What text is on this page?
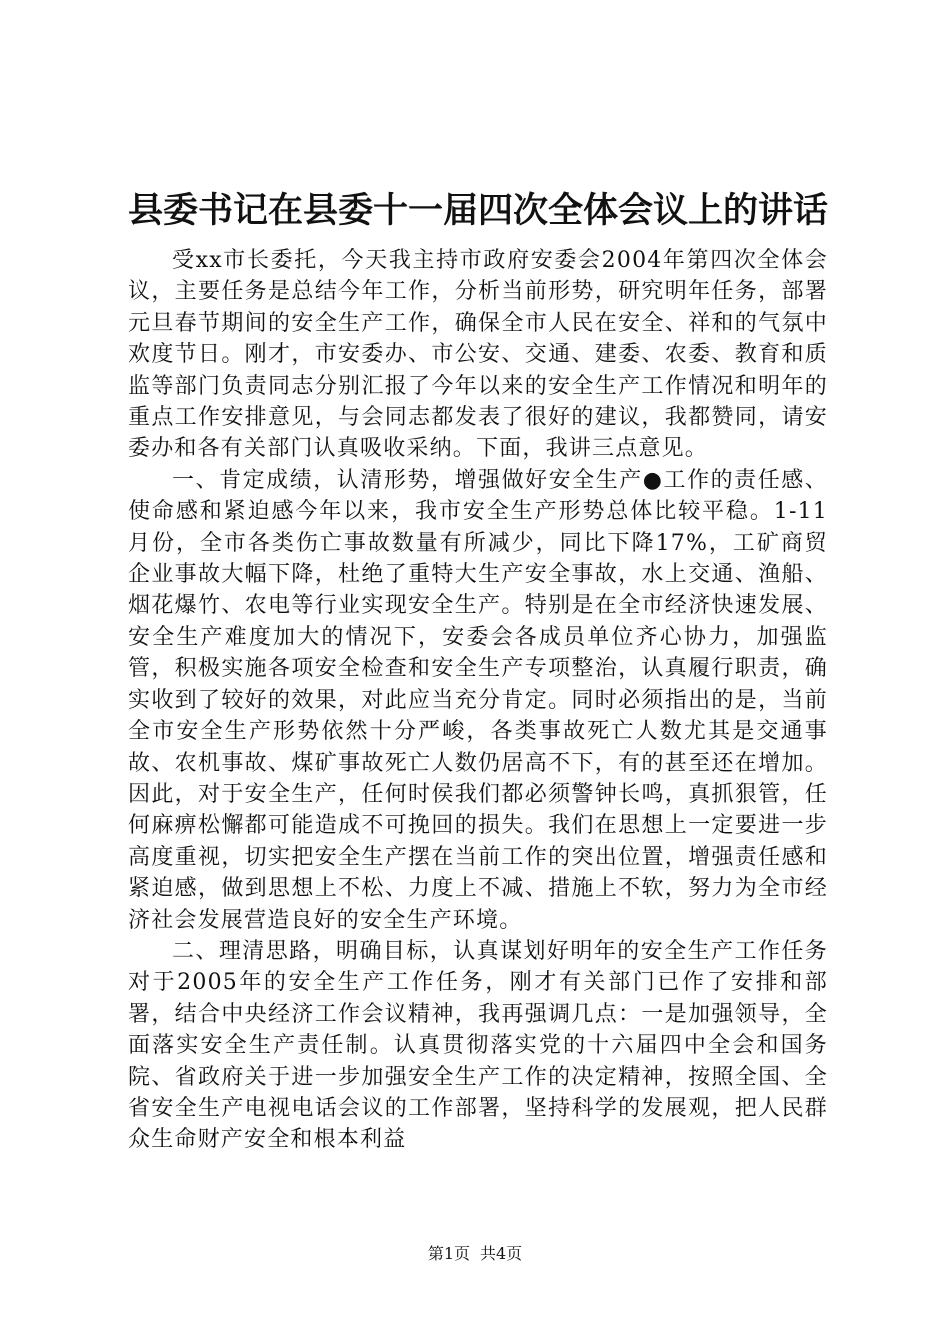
县委书记在县委十一届四次全体会议上的讲话

受xx市长委托，今天我主持市政府安委会2004年第四次全体会议，主要任务是总结今年工作，分析当前形势，研究明年任务，部署元旦春节期间的安全生产工作，确保全市人民在安全、祥和的气氛中欢度节日。刚才，市安委办、市公安、交通、建委、农委、教育和质监等部门负责同志分别汇报了今年以来的安全生产工作情况和明年的重点工作安排意见，与会同志都发表了很好的建议，我都赞同，请安委办和各有关部门认真吸收采纳。下面，我讲三点意见。

一、肯定成绩，认清形势，增强做好安全生产●工作的责任感、使命感和紧迫感今年以来，我市安全生产形势总体比较平稳。1-11月份，全市各类伤亡事故数量有所减少，同比下降17%，工矿商贸企业事故大幅下降，杜绝了重特大生产安全事故，水上交通、渔船、烟花爆竹、农电等行业实现安全生产。特别是在全市经济快速发展、安全生产难度加大的情况下，安委会各成员单位齐心协力，加强监管，积极实施各项安全检查和安全生产专项整治，认真履行职责，确实收到了较好的效果，对此应当充分肯定。同时必须指出的是，当前全市安全生产形势依然十分严峻，各类事故死亡人数尤其是交通事故、农机事故、煤矿事故死亡人数仍居高不下，有的甚至还在增加。因此，对于安全生产，任何时侯我们都必须警钟长鸣，真抓狠管，任何麻痹松懈都可能造成不可挽回的损失。我们在思想上一定要进一步高度重视，切实把安全生产摆在当前工作的突出位置，增强责任感和紧迫感，做到思想上不松、力度上不减、措施上不软，努力为全市经济社会发展营造良好的安全生产环境。

二、理清思路，明确目标，认真谋划好明年的安全生产工作任务对于2005年的安全生产工作任务，刚才有关部门已作了安排和部署，结合中央经济工作会议精神，我再强调几点：一是加强领导，全面落实安全生产责任制。认真贯彻落实党的十六届四中全会和国务院、省政府关于进一步加强安全生产工作的决定精神，按照全国、全省安全生产电视电话会议的工作部署，坚持科学的发展观，把人民群众生命财产安全和根本利益

第1页 共4页
